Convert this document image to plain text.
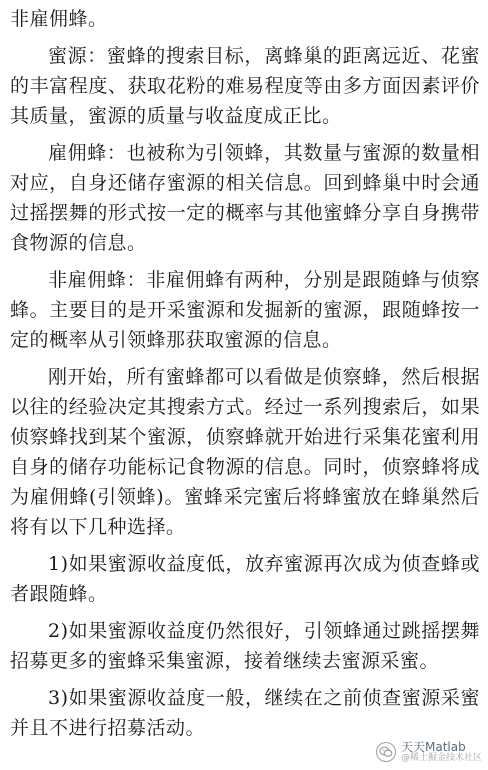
非雇佣蜂。

蜜源：蜜蜂的搜索目标，离蜂巢的距离远近、花蜜的丰富程度、获取花粉的难易程度等由多方面因素评价其质量，蜜源的质量与收益度成正比。

雇佣蜂：也被称为引领蜂，其数量与蜜源的数量相对应，自身还储存蜜源的相关信息。回到蜂巢中时会通过摇摆舞的形式按一定的概率与其他蜜蜂分享自身携带食物源的信息。

非雇佣蜂：非雇佣蜂有两种，分别是跟随蜂与侦察蜂。主要目的是开采蜜源和发掘新的蜜源，跟随蜂按一定的概率从引领蜂那获取蜜源的信息。

刚开始，所有蜜蜂都可以看做是侦察蜂，然后根据以往的经验决定其搜索方式。经过一系列搜索后，如果侦察蜂找到某个蜜源，侦察蜂就开始进行采集花蜜利用自身的储存功能标记食物源的信息。同时，侦察蜂将成为雇佣蜂(引领蜂)。蜜蜂采完蜜后将蜂蜜放在蜂巢然后将有以下几种选择。

1)如果蜜源收益度低，放弃蜜源再次成为侦查蜂或者跟随蜂。

2)如果蜜源收益度仍然很好，引领蜂通过跳摇摆舞招募更多的蜜蜂采集蜜源，接着继续去蜜源采蜜。

3)如果蜜源收益度一般，继续在之前侦查蜜源采蜜并且不进行招募活动。

天天Matlab
@稀土掘金技术社区
